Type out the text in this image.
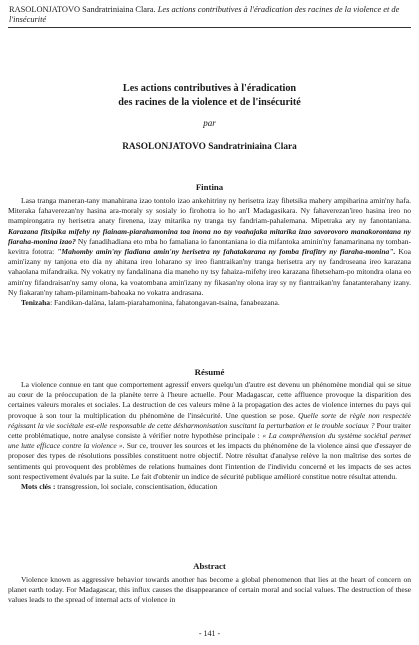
RASOLONJATOVO Sandratriniaina Clara. Les actions contributives à l'éradication des racines de la violence et de l'insécurité
Les actions contributives à l'éradication
des racines de la violence et de l'insécurité
par
RASOLONJATOVO Sandratriniaina Clara
Fintina

Lasa tranga maneran-tany manahirana izao tontolo izao ankehitriny ny herisetra izay fihetsika mahery ampiharina amin'ny hafa. Miteraka fahaverezan'ny hasina ara-moraly sy sosialy io firohotra io ho an'I Madagasikara. Ny fahaverezan'ireo hasina ireo no mampirongatra ny herisetra anaty firenena, izay mitarika ny tranga tsy fandriam-pahalemana. Mipetraka ary ny fanontaniana. Karazana fitsipika mifehy ny fiainam-piarahamonina toa inona no tsy voahajaka mitarika izao savorovoro manakorontana ny fiaraha-monina izao? Ny fanadihadiana eto mba ho famaliana io fanontaniana io dia mifantoka aminin'ny fanamarinana ny tomban-kevitra fototra: "Mahomby amin'ny fiadiana amin'ny herisetra ny fahatakarana ny fomba firafitry ny fiaraha-monina". Koa amin'izany ny tanjona eto dia ny ahitana ireo loharano sy ireo fiantraikan'ny tranga herisetra ary ny fandroseana ireo karazana vahaolana mifandraika. Ny vokatry ny fandalinana dia maneho ny tsy fahaiza-mifehy ireo karazana fihetseham-po mitondra olana eo amin'ny fifandraisan'ny samy olona, ka voatombana amin'izany ny fikasan'ny olona iray sy ny fiantraikan'ny fanatanterahany izany. Ny fiakaran'ny taham-pilaminam-bahoaka no vokatra andrasana.

Tenizaha: Fandikan-dalàna, lalam-piarahamonina, fahatongavan-tsaina, fanabeazana.

Résumé

La violence connue en tant que comportement agressif envers quelqu'un d'autre est devenu un phénomène mondial qui se situe au cœur de la préoccupation de la planète terre à l'heure actuelle. Pour Madagascar, cette affluence provoque la disparition des certaines valeurs morales et sociales. La destruction de ces valeurs mène à la propagation des actes de violence internes du pays qui provoque à son tour la multiplication du phénomène de l'insécurité. Une question se pose. Quelle sorte de règle non respectée régissant la vie sociétale est-elle responsable de cette désharmonisation suscitant la perturbation et le trouble sociaux ? Pour traiter cette problématique, notre analyse consiste à vérifier notre hypothèse principale : « La compréhension du système sociétal permet une lutte efficace contre la violence ». Sur ce, trouver les sources et les impacts du phénomène de la violence ainsi que d'essayer de proposer des types de résolutions possibles constituent notre objectif. Notre résultat d'analyse relève la non maîtrise des sortes de sentiments qui provoquent des problèmes de relations humaines dont l'intention de l'individu concerné et les impacts de ses actes sont respectivement évalués par la suite. Le fait d'obtenir un indice de sécurité publique amélioré constitue notre résultat attendu.

Mots clés : transgression, loi sociale, conscientisation, éducation

Abstract

Violence known as aggressive behavior towards another has become a global phenomenon that lies at the heart of concern on planet earth today. For Madagascar, this influx causes the disappearance of certain moral and social values. The destruction of these values leads to the spread of internal acts of violence in

- 141 -
